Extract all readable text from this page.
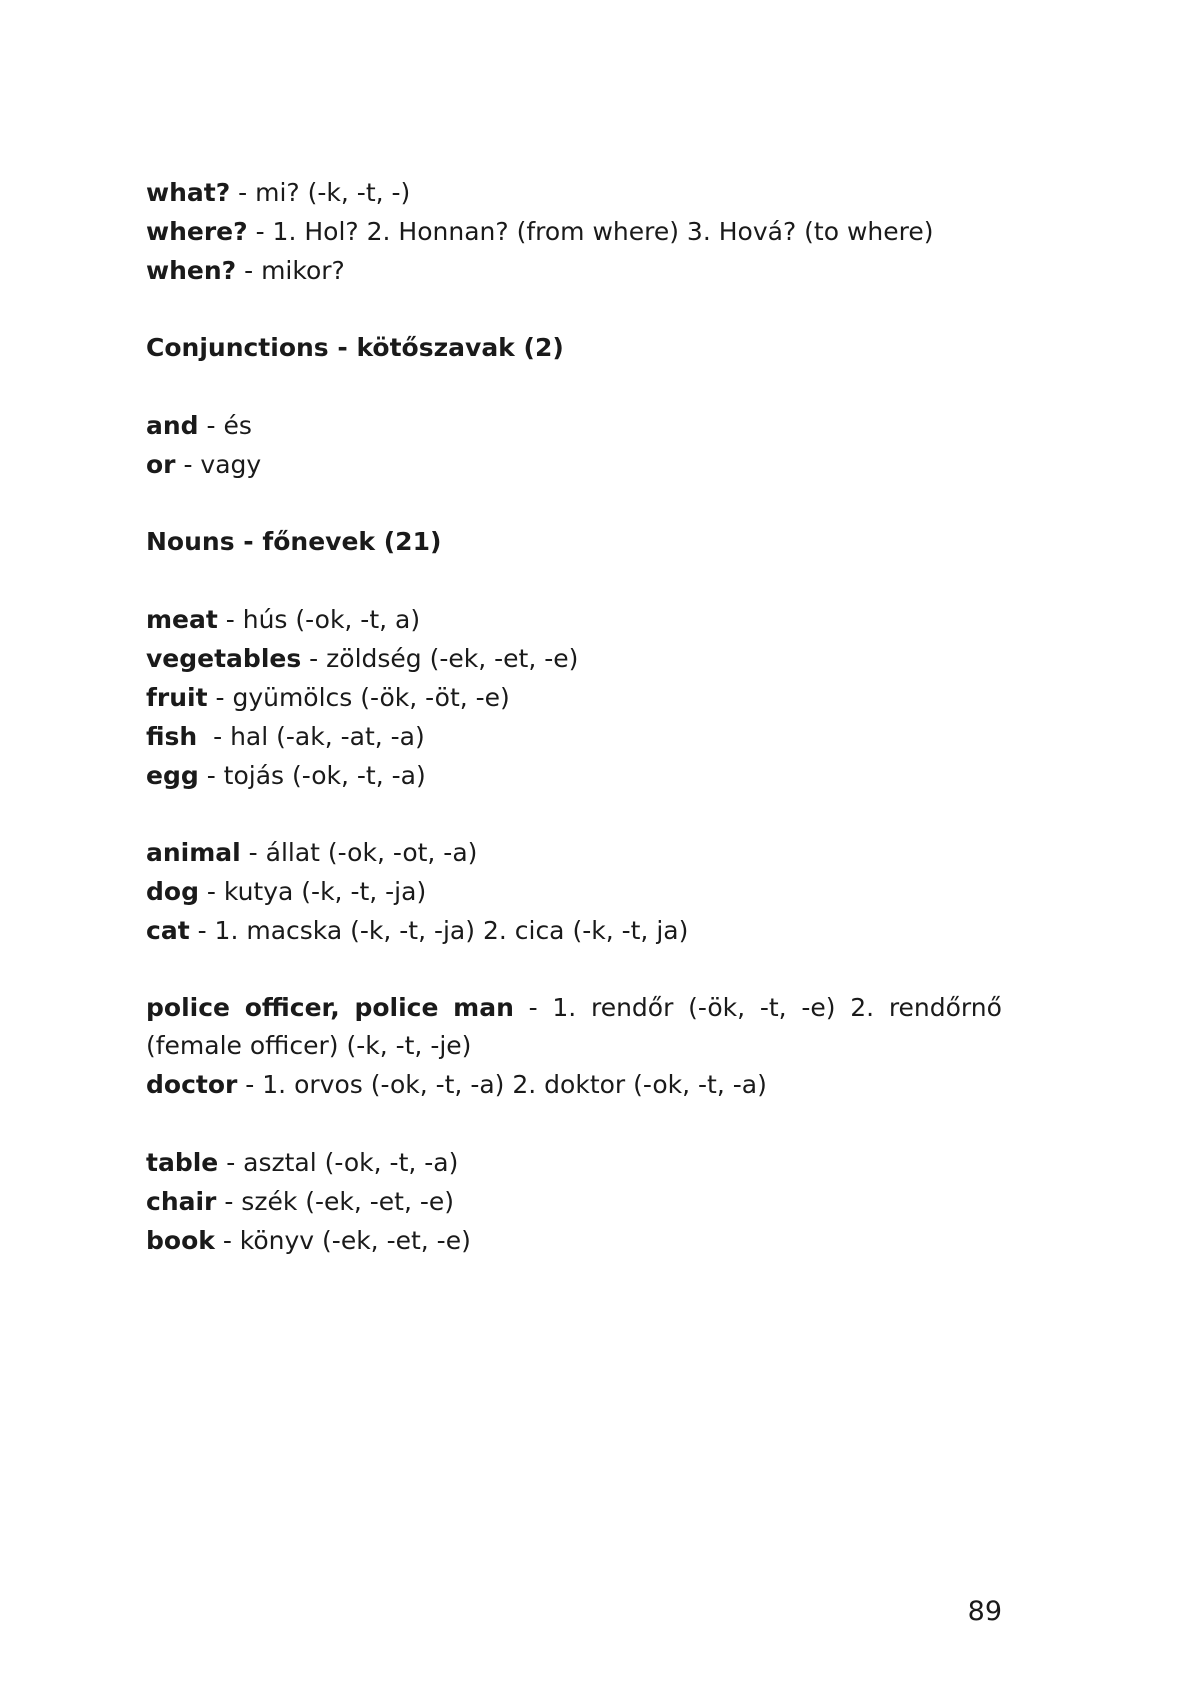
what? - mi? (-k, -t, -)
where? - 1. Hol? 2. Honnan? (from where) 3. Hová? (to where)
when? - mikor?
Conjunctions - kötőszavak (2)
and - és
or - vagy
Nouns - főnevek (21)
meat - hús (-ok, -t, a)
vegetables - zöldség (-ek, -et, -e)
fruit - gyümölcs (-ök, -öt, -e)
fish  - hal (-ak, -at, -a)
egg - tojás (-ok, -t, -a)
animal - állat (-ok, -ot, -a)
dog - kutya (-k, -t, -ja)
cat - 1. macska (-k, -t, -ja) 2. cica (-k, -t, ja)
police officer, police man - 1. rendőr (-ök, -t, -e) 2. rendőrnő
(female officer) (-k, -t, -je)
doctor - 1. orvos (-ok, -t, -a) 2. doktor (-ok, -t, -a)
table - asztal (-ok, -t, -a)
chair - szék (-ek, -et, -e)
book - könyv (-ek, -et, -e)
89
